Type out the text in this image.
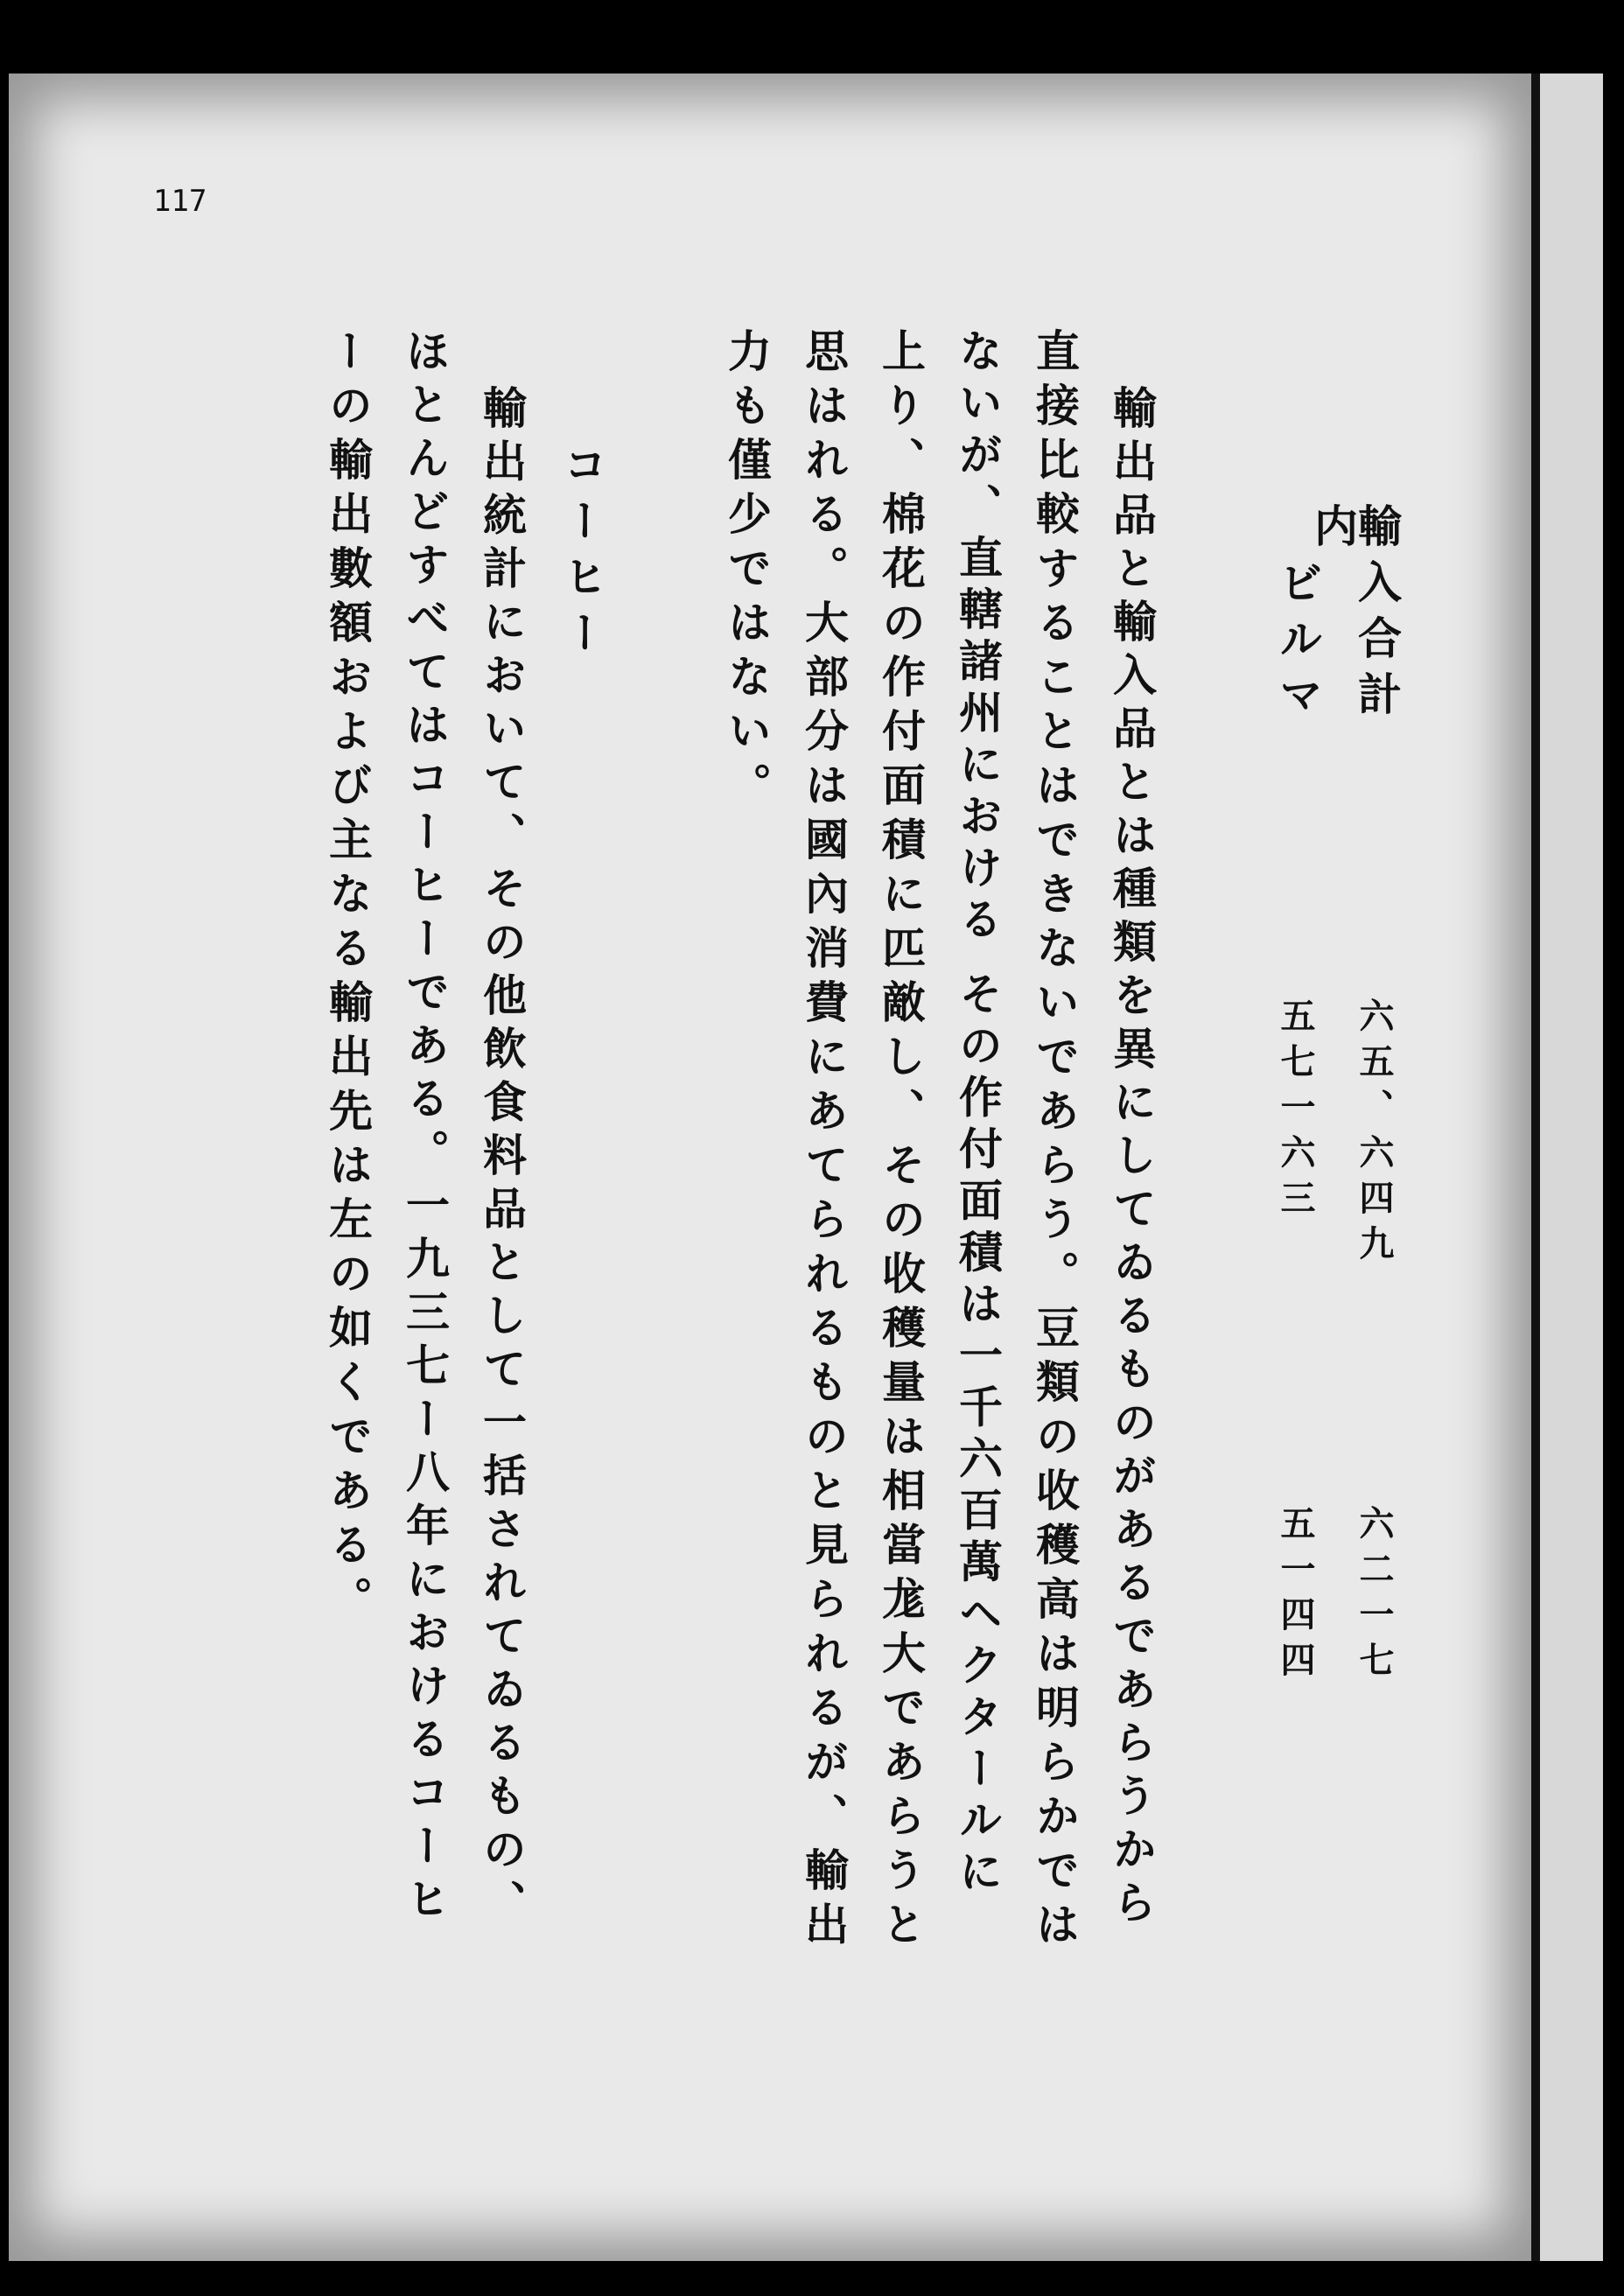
117
輸入合計
内
ビルマ
六五、六四九
五七一六三
六二一七
五一四四
輸出品と輸入品とは種類を異にしてゐるものがあるであらうから
直接比較することはできないであらう。豆類の收穫高は明らかでは
ないが、直轄諸州における その作付面積は一千六百萬ヘクタールに
上り、棉花の作付面積に匹敵し、その收穫量は相當尨大であらうと
思はれる。大部分は國內消費にあてられるものと見られるが、輸出
力も僅少ではない。
コーヒー
輸出統計において、その他飲食料品として一括されてゐるもの、
ほとんどすべてはコーヒーである。一九三七ー八年におけるコーヒ
ーの輸出數額および主なる輸出先は左の如くである。
